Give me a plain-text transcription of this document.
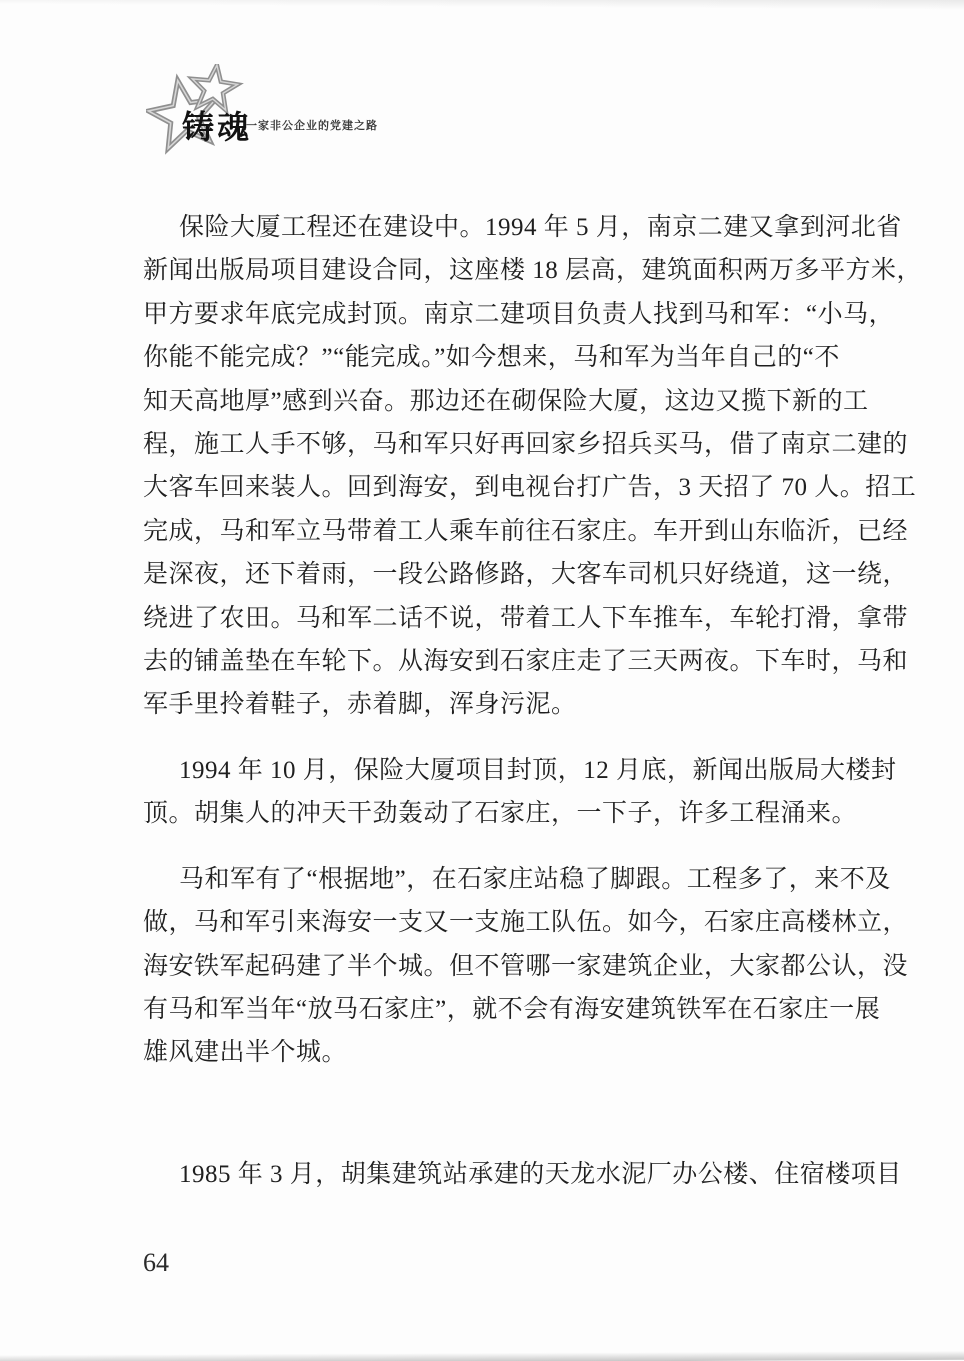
铸魂
一家非公企业的党建之路
保险大厦工程还在建设中。1994 年 5 月，南京二建又拿到河北省
新闻出版局项目建设合同，这座楼 18 层高，建筑面积两万多平方米，
甲方要求年底完成封顶。南京二建项目负责人找到马和军：“小马，
你能不能完成？”“能完成。”如今想来，马和军为当年自己的“不
知天高地厚”感到兴奋。那边还在砌保险大厦，这边又揽下新的工
程，施工人手不够，马和军只好再回家乡招兵买马，借了南京二建的
大客车回来装人。回到海安，到电视台打广告，3 天招了 70 人。招工
完成，马和军立马带着工人乘车前往石家庄。车开到山东临沂，已经
是深夜，还下着雨，一段公路修路，大客车司机只好绕道，这一绕，
绕进了农田。马和军二话不说，带着工人下车推车，车轮打滑，拿带
去的铺盖垫在车轮下。从海安到石家庄走了三天两夜。下车时，马和
军手里拎着鞋子，赤着脚，浑身污泥。
1994 年 10 月，保险大厦项目封顶，12 月底，新闻出版局大楼封
顶。胡集人的冲天干劲轰动了石家庄，一下子，许多工程涌来。
马和军有了“根据地”，在石家庄站稳了脚跟。工程多了，来不及
做，马和军引来海安一支又一支施工队伍。如今，石家庄高楼林立，
海安铁军起码建了半个城。但不管哪一家建筑企业，大家都公认，没
有马和军当年“放马石家庄”，就不会有海安建筑铁军在石家庄一展
雄风建出半个城。
1985 年 3 月，胡集建筑站承建的天龙水泥厂办公楼、住宿楼项目
64
